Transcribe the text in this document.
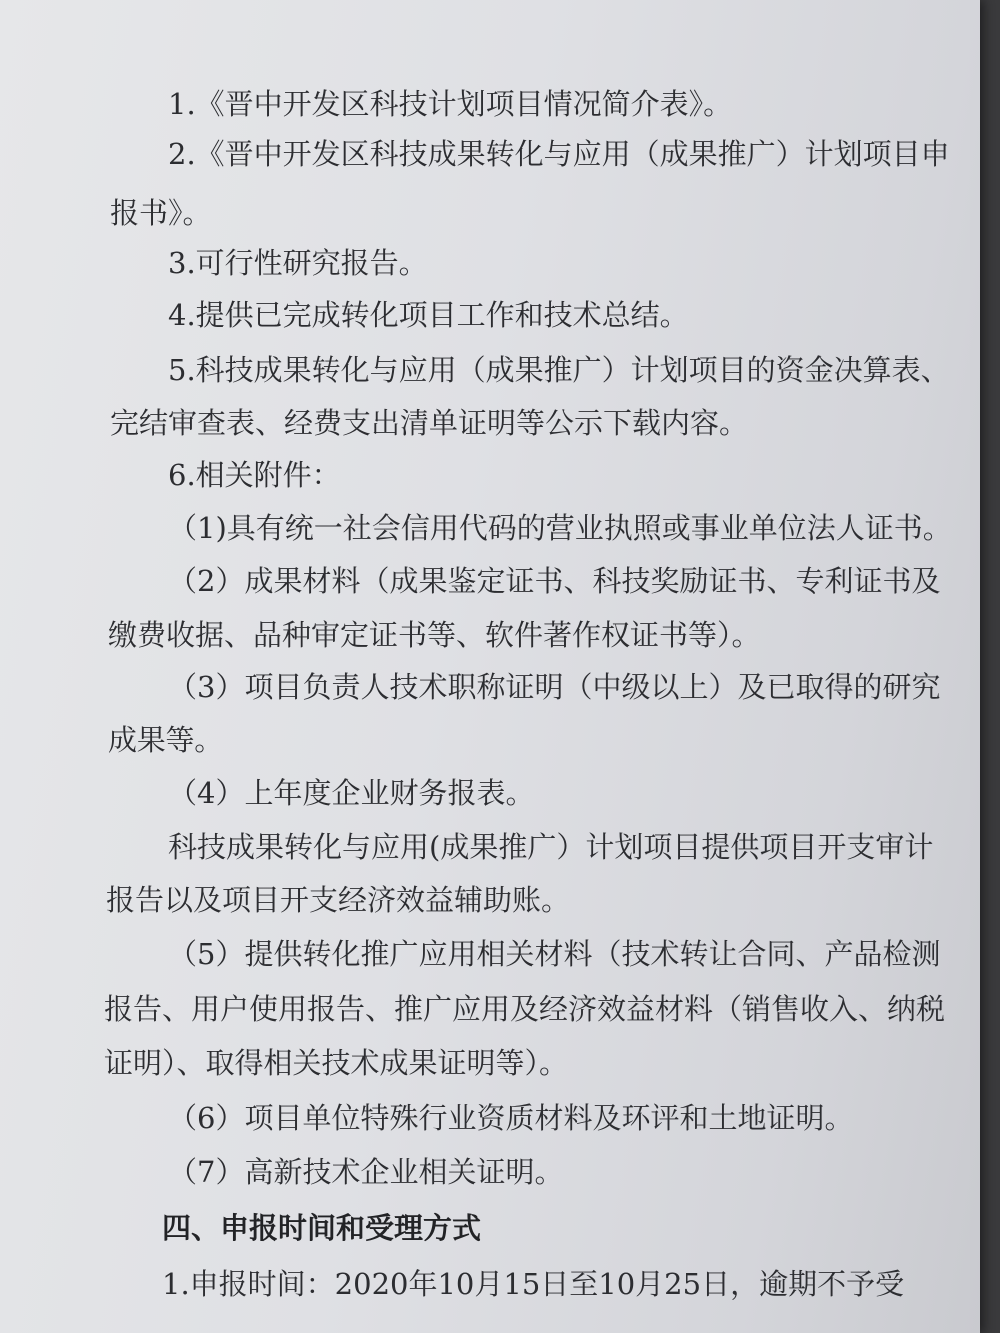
1.《晋中开发区科技计划项目情况简介表》。

2.《晋中开发区科技成果转化与应用（成果推广）计划项目申

报书》。

3.可行性研究报告。

4.提供已完成转化项目工作和技术总结。

5.科技成果转化与应用（成果推广）计划项目的资金决算表、

完结审查表、经费支出清单证明等公示下载内容。

6.相关附件：

（1)具有统一社会信用代码的营业执照或事业单位法人证书。

（2）成果材料（成果鉴定证书、科技奖励证书、专利证书及

缴费收据、品种审定证书等、软件著作权证书等）。

（3）项目负责人技术职称证明（中级以上）及已取得的研究

成果等。

（4）上年度企业财务报表。

科技成果转化与应用(成果推广）计划项目提供项目开支审计

报告以及项目开支经济效益辅助账。

（5）提供转化推广应用相关材料（技术转让合同、产品检测

报告、用户使用报告、推广应用及经济效益材料（销售收入、纳税

证明）、取得相关技术成果证明等）。

（6）项目单位特殊行业资质材料及环评和土地证明。

（7）高新技术企业相关证明。

四、申报时间和受理方式

1.申报时间：2020年10月15日至10月25日，逾期不予受
